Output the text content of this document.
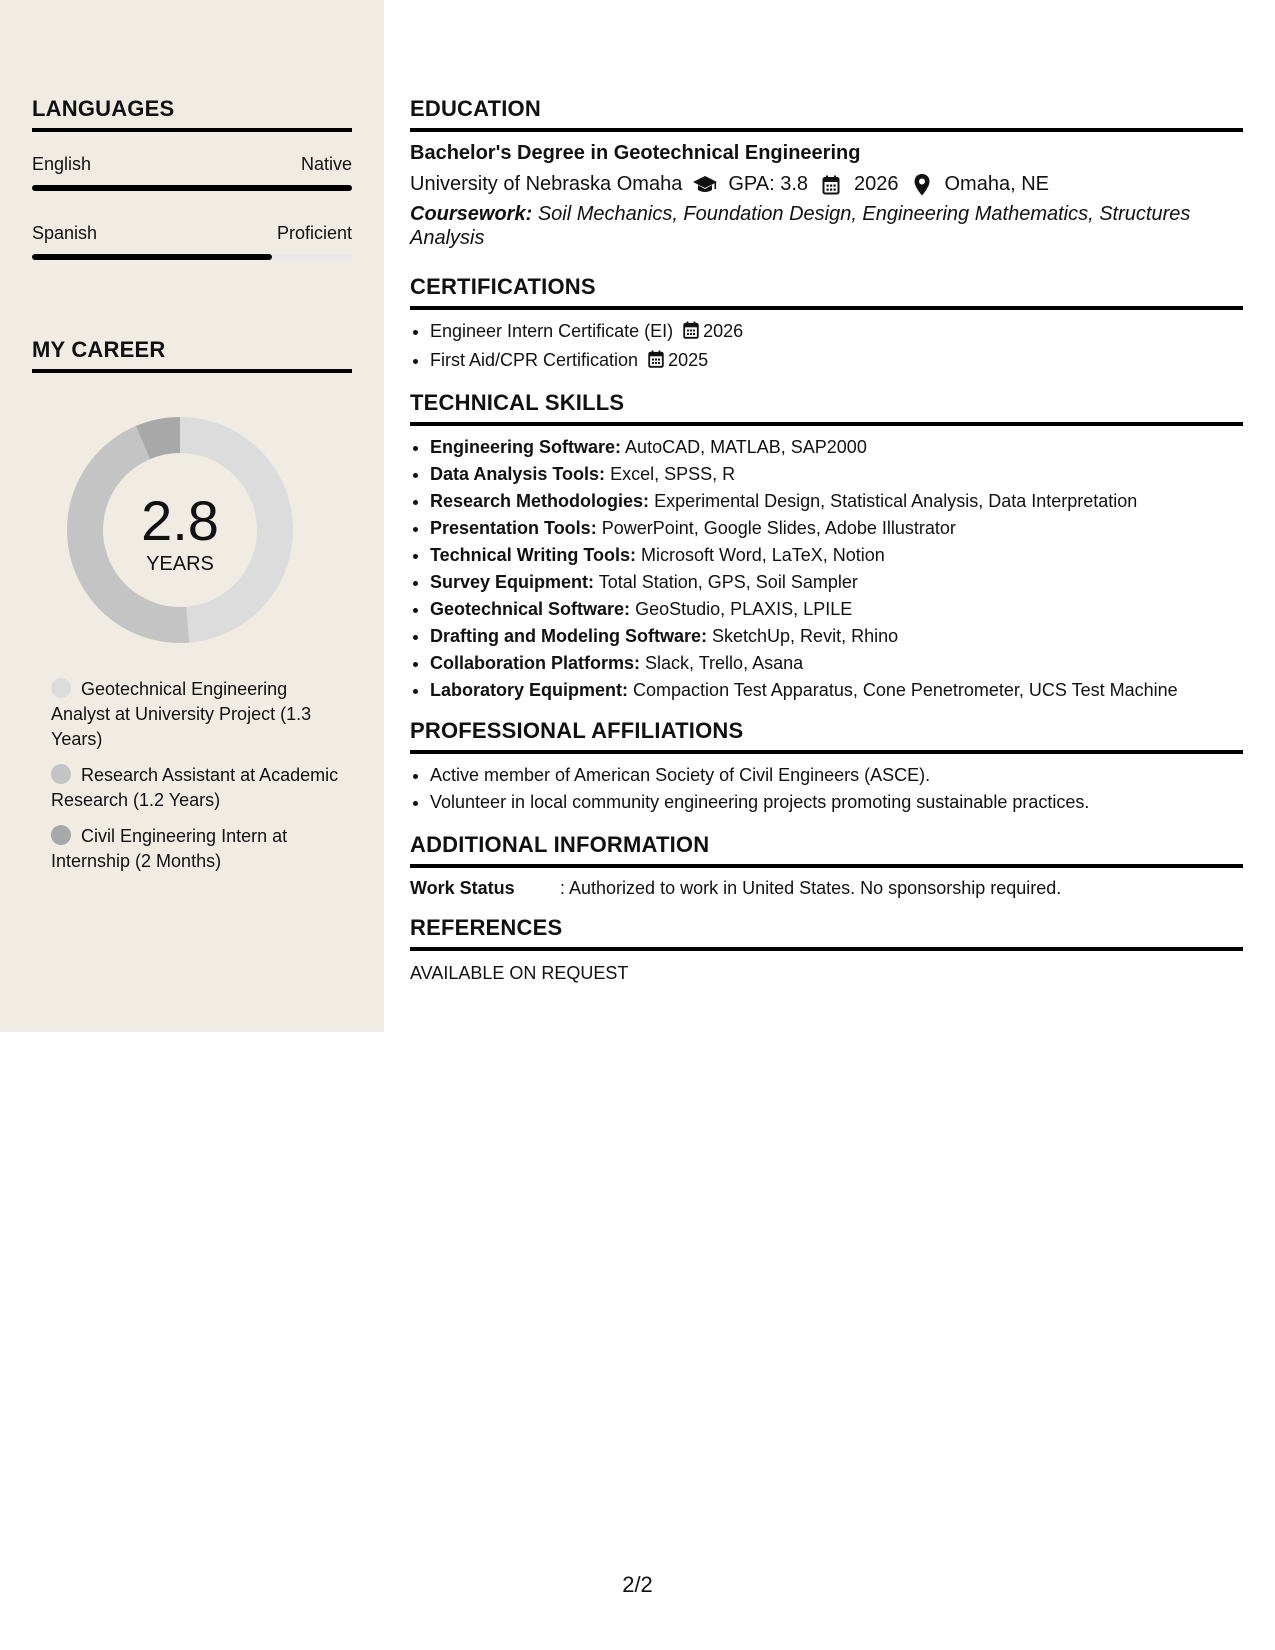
LANGUAGES
English	Native
Spanish	Proficient
MY CAREER
2.8
YEARS
Geotechnical Engineering Analyst at University Project (1.3 Years)
Research Assistant at Academic Research (1.2 Years)
Civil Engineering Intern at Internship (2 Months)
EDUCATION
Bachelor's Degree in Geotechnical Engineering
University of Nebraska Omaha GPA: 3.8 2026 Omaha, NE
Coursework: Soil Mechanics, Foundation Design, Engineering Mathematics, Structures Analysis
CERTIFICATIONS
• Engineer Intern Certificate (EI) 2026
• First Aid/CPR Certification 2025
TECHNICAL SKILLS
• Engineering Software: AutoCAD, MATLAB, SAP2000
• Data Analysis Tools: Excel, SPSS, R
• Research Methodologies: Experimental Design, Statistical Analysis, Data Interpretation
• Presentation Tools: PowerPoint, Google Slides, Adobe Illustrator
• Technical Writing Tools: Microsoft Word, LaTeX, Notion
• Survey Equipment: Total Station, GPS, Soil Sampler
• Geotechnical Software: GeoStudio, PLAXIS, LPILE
• Drafting and Modeling Software: SketchUp, Revit, Rhino
• Collaboration Platforms: Slack, Trello, Asana
• Laboratory Equipment: Compaction Test Apparatus, Cone Penetrometer, UCS Test Machine
PROFESSIONAL AFFILIATIONS
• Active member of American Society of Civil Engineers (ASCE).
• Volunteer in local community engineering projects promoting sustainable practices.
ADDITIONAL INFORMATION
Work Status	: Authorized to work in United States. No sponsorship required.
REFERENCES
AVAILABLE ON REQUEST
2/2
